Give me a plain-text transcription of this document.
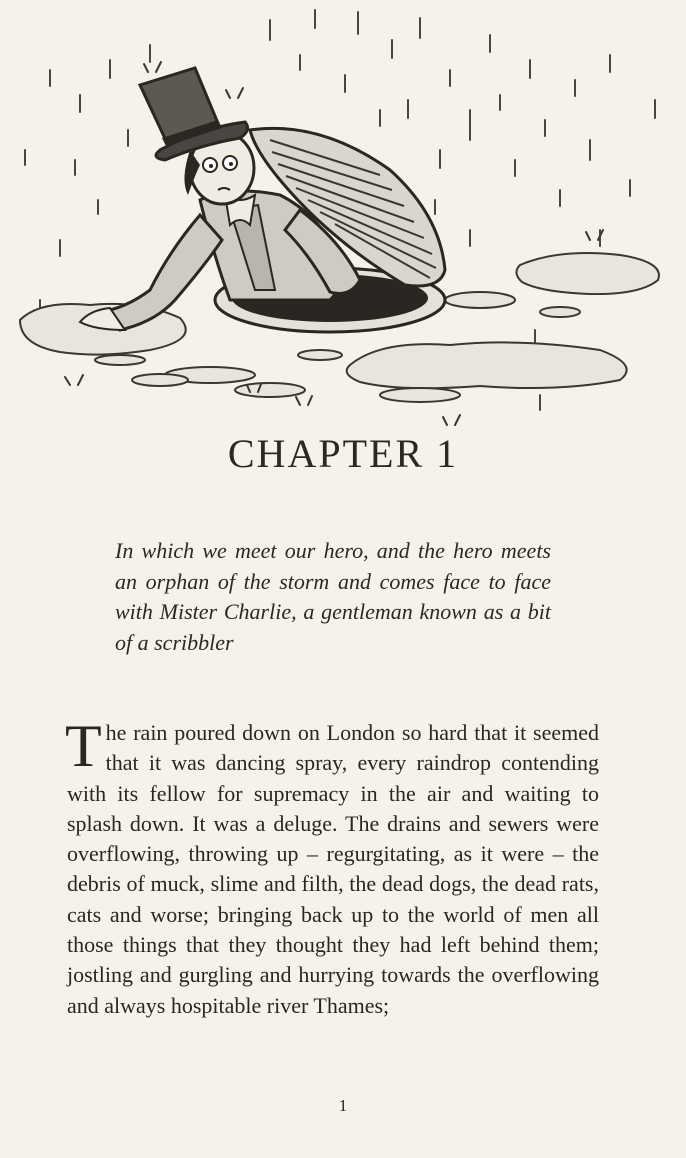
CHAPTER 1
In which we meet our hero, and the hero meets an orphan of the storm and comes face to face with Mister Charlie, a gentleman known as a bit of a scribbler
The rain poured down on London so hard that it seemed that it was dancing spray, every raindrop contending with its fellow for supremacy in the air and waiting to splash down. It was a deluge. The drains and sewers were overflowing, throwing up – regurgitating, as it were – the debris of muck, slime and filth, the dead dogs, the dead rats, cats and worse; bringing back up to the world of men all those things that they thought they had left behind them; jostling and gurgling and hurrying towards the overflowing and always hospitable river Thames;
1
